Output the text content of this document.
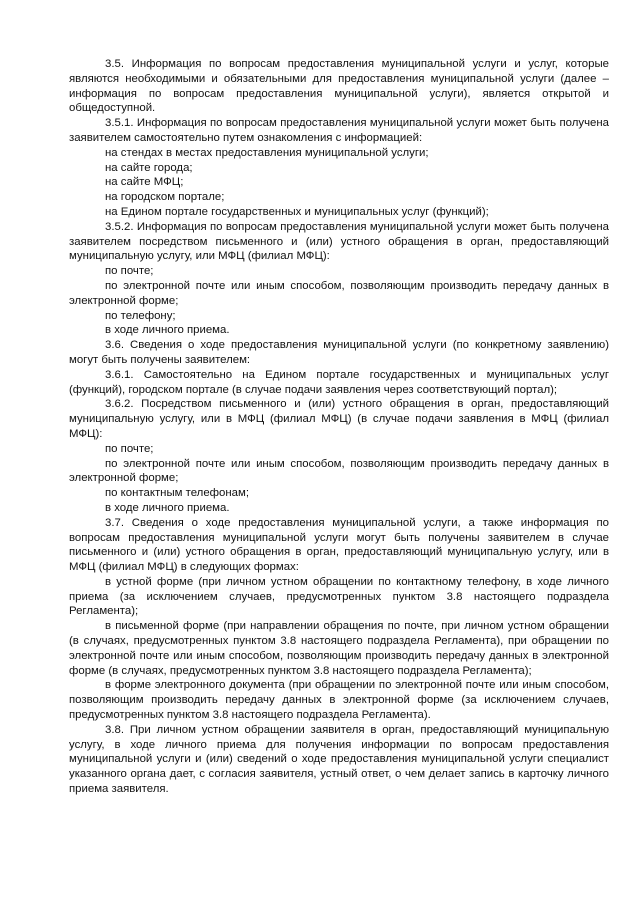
3.5. Информация по вопросам предоставления муниципальной услуги и услуг, которые являются необходимыми и обязательными для предоставления муниципальной услуги (далее – информация по вопросам предоставления муниципальной услуги), является открытой и общедоступной.

3.5.1. Информация по вопросам предоставления муниципальной услуги может быть получена заявителем самостоятельно путем ознакомления с информацией:

на стендах в местах предоставления муниципальной услуги;

на сайте города;

на сайте МФЦ;

на городском портале;

на Едином портале государственных и муниципальных услуг (функций);

3.5.2. Информация по вопросам предоставления муниципальной услуги может быть получена заявителем посредством письменного и (или) устного обращения в орган, предоставляющий муниципальную услугу, или МФЦ (филиал МФЦ):

по почте;

по электронной почте или иным способом, позволяющим производить передачу данных в электронной форме;

по телефону;

в ходе личного приема.

3.6. Сведения о ходе предоставления муниципальной услуги (по конкретному заявлению) могут быть получены заявителем:

3.6.1. Самостоятельно на Едином портале государственных и муниципальных услуг (функций), городском портале (в случае подачи заявления через соответствующий портал);

3.6.2. Посредством письменного и (или) устного обращения в орган, предоставляющий муниципальную услугу, или в МФЦ (филиал МФЦ) (в случае подачи заявления в МФЦ (филиал МФЦ):

по почте;

по электронной почте или иным способом, позволяющим производить передачу данных в электронной форме;

по контактным телефонам;

в ходе личного приема.

3.7. Сведения о ходе предоставления муниципальной услуги, а также информация по вопросам предоставления муниципальной услуги могут быть получены заявителем в случае письменного и (или) устного обращения в орган, предоставляющий муниципальную услугу, или в МФЦ (филиал МФЦ) в следующих формах:

в устной форме (при личном устном обращении по контактному телефону, в ходе личного приема (за исключением случаев, предусмотренных пунктом 3.8 настоящего подраздела Регламента);

в письменной форме (при направлении обращения по почте, при личном устном обращении (в случаях, предусмотренных пунктом 3.8 настоящего подраздела Регламента), при обращении по электронной почте или иным способом, позволяющим производить передачу данных в электронной форме (в случаях, предусмотренных пунктом 3.8 настоящего подраздела Регламента);

в форме электронного документа (при обращении по электронной почте или иным способом, позволяющим производить передачу данных в электронной форме (за исключением случаев, предусмотренных пунктом 3.8 настоящего подраздела Регламента).

3.8. При личном устном обращении заявителя в орган, предоставляющий муниципальную услугу, в ходе личного приема для получения информации по вопросам предоставления муниципальной услуги и (или) сведений о ходе предоставления муниципальной услуги специалист указанного органа дает, с согласия заявителя, устный ответ, о чем делает запись в карточку личного приема заявителя.
